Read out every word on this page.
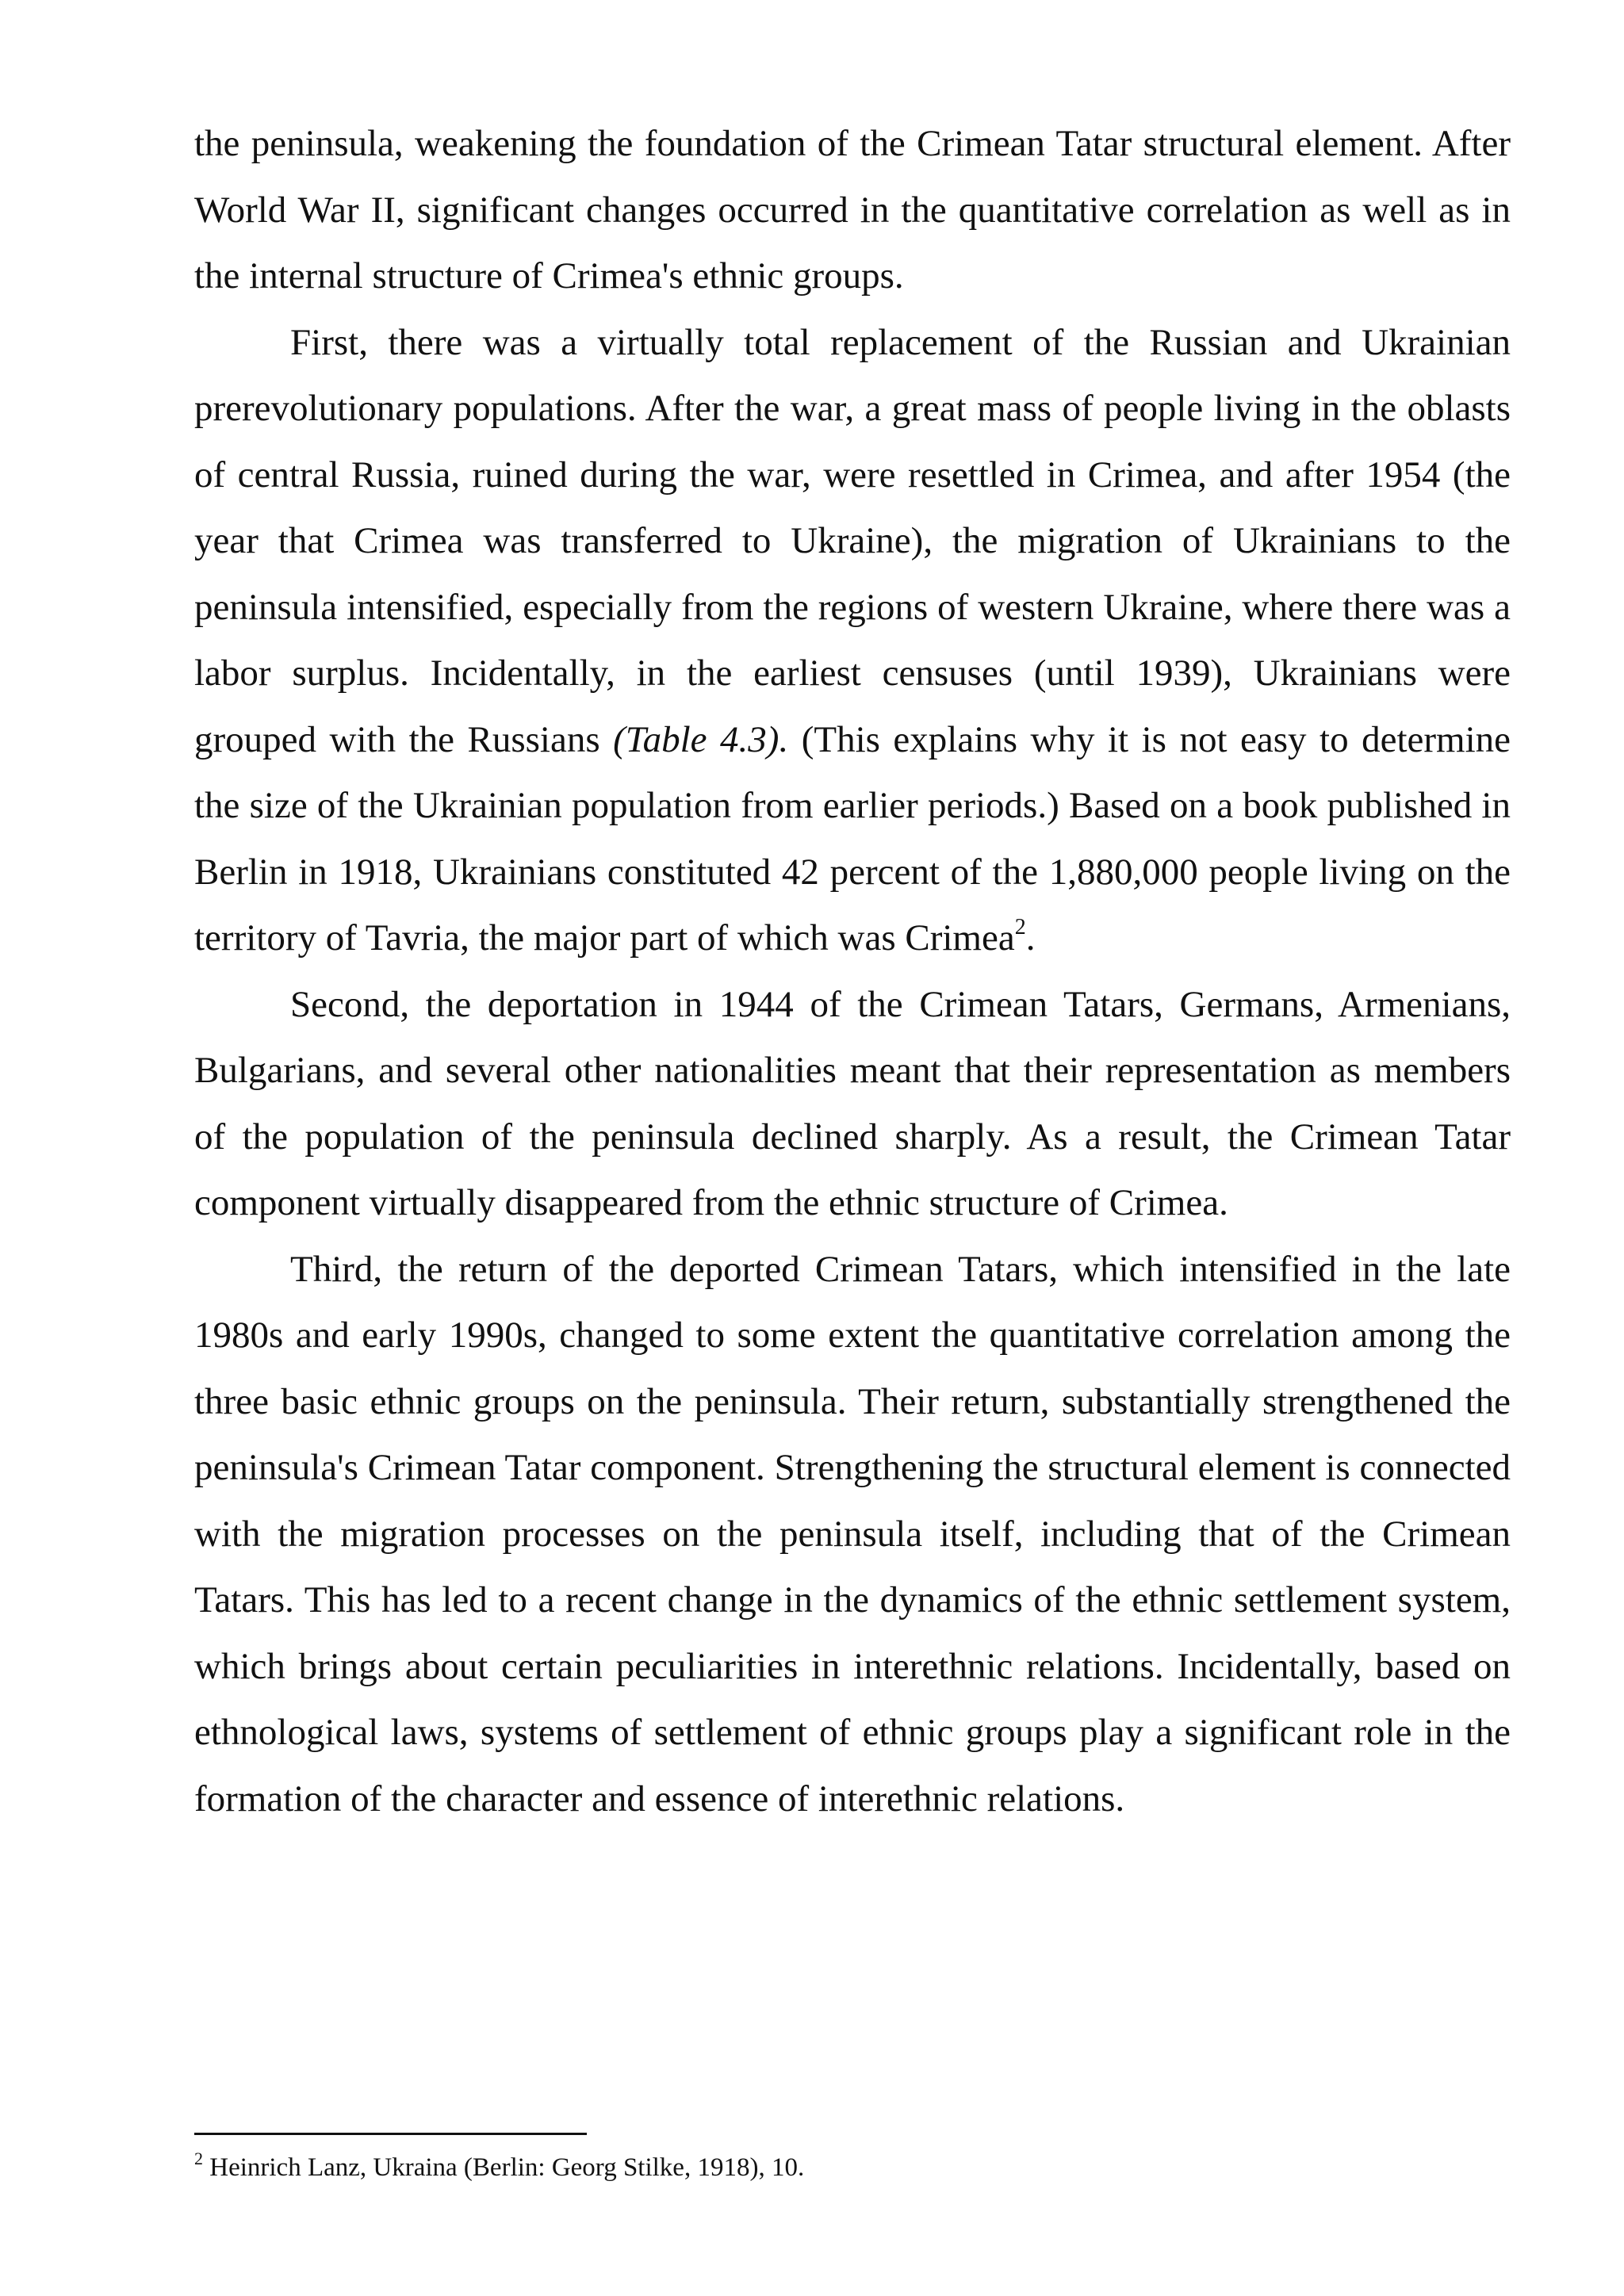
the peninsula, weakening the foundation of the Crimean Tatar structural element. After World War II, significant changes occurred in the quantitative correlation as well as in the internal structure of Crimea's ethnic groups.

First, there was a virtually total replacement of the Russian and Ukrainian prerevolutionary populations. After the war, a great mass of people living in the oblasts of central Russia, ruined during the war, were resettled in Crimea, and after 1954 (the year that Crimea was transferred to Ukraine), the migration of Ukrainians to the peninsula intensified, especially from the regions of western Ukraine, where there was a labor surplus. Incidentally, in the earliest censuses (until 1939), Ukrainians were grouped with the Russians (Table 4.3). (This explains why it is not easy to determine the size of the Ukrainian population from earlier periods.) Based on a book published in Berlin in 1918, Ukrainians constituted 42 percent of the 1,880,000 people living on the territory of Tavria, the major part of which was Crimea$^2$.

Second, the deportation in 1944 of the Crimean Tatars, Germans, Armenians, Bulgarians, and several other nationalities meant that their representation as members of the population of the peninsula declined sharply. As a result, the Crimean Tatar component virtually disappeared from the ethnic structure of Crimea.

Third, the return of the deported Crimean Tatars, which intensified in the late 1980s and early 1990s, changed to some extent the quantitative correlation among the three basic ethnic groups on the peninsula. Their return, substantially strengthened the peninsula's Crimean Tatar component. Strengthening the structural element is connected with the migration processes on the peninsula itself, including that of the Crimean Tatars. This has led to a recent change in the dynamics of the ethnic settlement system, which brings about certain peculiarities in interethnic relations. Incidentally, based on ethnological laws, systems of settlement of ethnic groups play a significant role in the formation of the character and essence of interethnic relations.

$^2$ Heinrich Lanz, Ukraina (Berlin: Georg Stilke, 1918), 10.
